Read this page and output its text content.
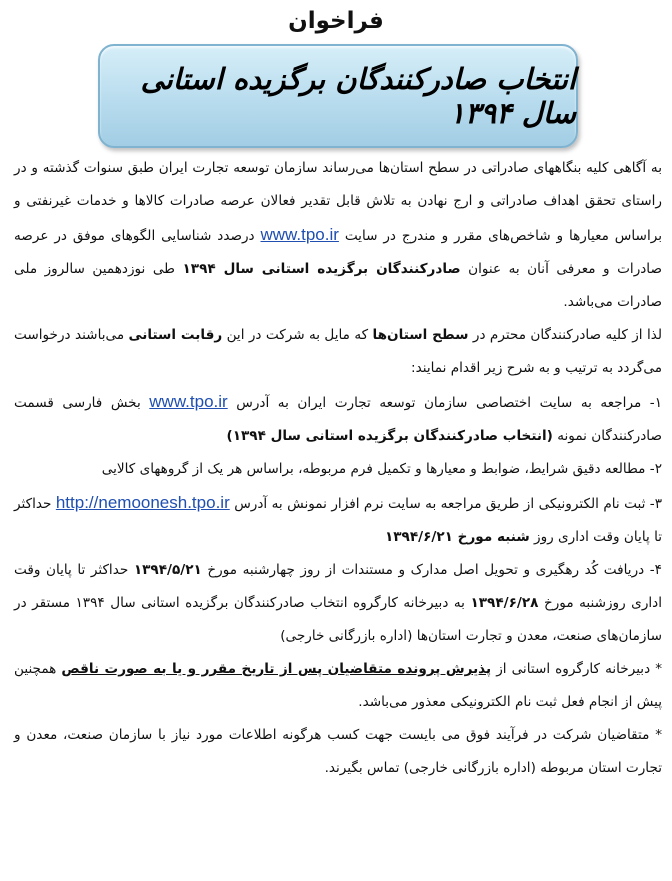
فراخوان
انتخاب صادرکنندگان برگزیده استانی سال ۱۳۹۴

به آگاهی کلیه بنگاههای صادراتی در سطح استان‌ها می‌رساند سازمان توسعه تجارت ایران طبق سنوات گذشته و در راستای تحقق اهداف صادراتی و ارج نهادن به تلاش قابل تقدیر فعالان عرصه صادرات کالاها و خدمات غیرنفتی و براساس معیارها و شاخص‌های مقرر و مندرج در سایت www.tpo.ir درصدد شناسایی الگوهای موفق در عرصه صادرات و معرفی آنان به عنوان صادرکنندگان برگزیده استانی سال ۱۳۹۴ طی نوزدهمین سالروز ملی صادرات می‌باشد.

لذا از کلیه صادرکنندگان محترم در سطح استان‌ها که مایل به شرکت در این رقابت استانی می‌باشند درخواست می‌گردد به ترتیب و به شرح زیر اقدام نمایند:

۱- مراجعه به سایت اختصاصی سازمان توسعه تجارت ایران به آدرس www.tpo.ir بخش فارسی قسمت صادرکنندگان نمونه (انتخاب صادرکنندگان برگزیده استانی سال ۱۳۹۴)

۲- مطالعه دقیق شرایط، ضوابط و معیارها و تکمیل فرم مربوطه، براساس هر یک از گروههای کالایی

۳- ثبت نام الکترونیکی از طریق مراجعه به سایت نرم افزار نمونش به آدرس http://nemoonesh.tpo.ir حداکثر تا پایان وقت اداری روز شنبه مورخ ۱۳۹۴/۶/۲۱

۴- دریافت کُد رهگیری و تحویل اصل مدارک و مستندات از روز چهارشنبه مورخ ۱۳۹۴/۵/۲۱ حداکثر تا پایان وقت اداری روزشنبه مورخ ۱۳۹۴/۶/۲۸ به دبیرخانه کارگروه انتخاب صادرکنندگان برگزیده استانی سال ۱۳۹۴ مستقر در سازمان‌های صنعت، معدن و تجارت استان‌ها (اداره بازرگانی خارجی)

* دبیرخانه کارگروه استانی از پذیرش پرونده متقاضیان پس از تاریخ مقرر و یا به صورت ناقص همچنین پیش از انجام فعل ثبت نام الکترونیکی معذور می‌باشد.

* متقاضیان شرکت در فرآیند فوق می بایست جهت کسب هرگونه اطلاعات مورد نیاز با سازمان صنعت، معدن و تجارت استان مربوطه (اداره بازرگانی خارجی) تماس بگیرند.
